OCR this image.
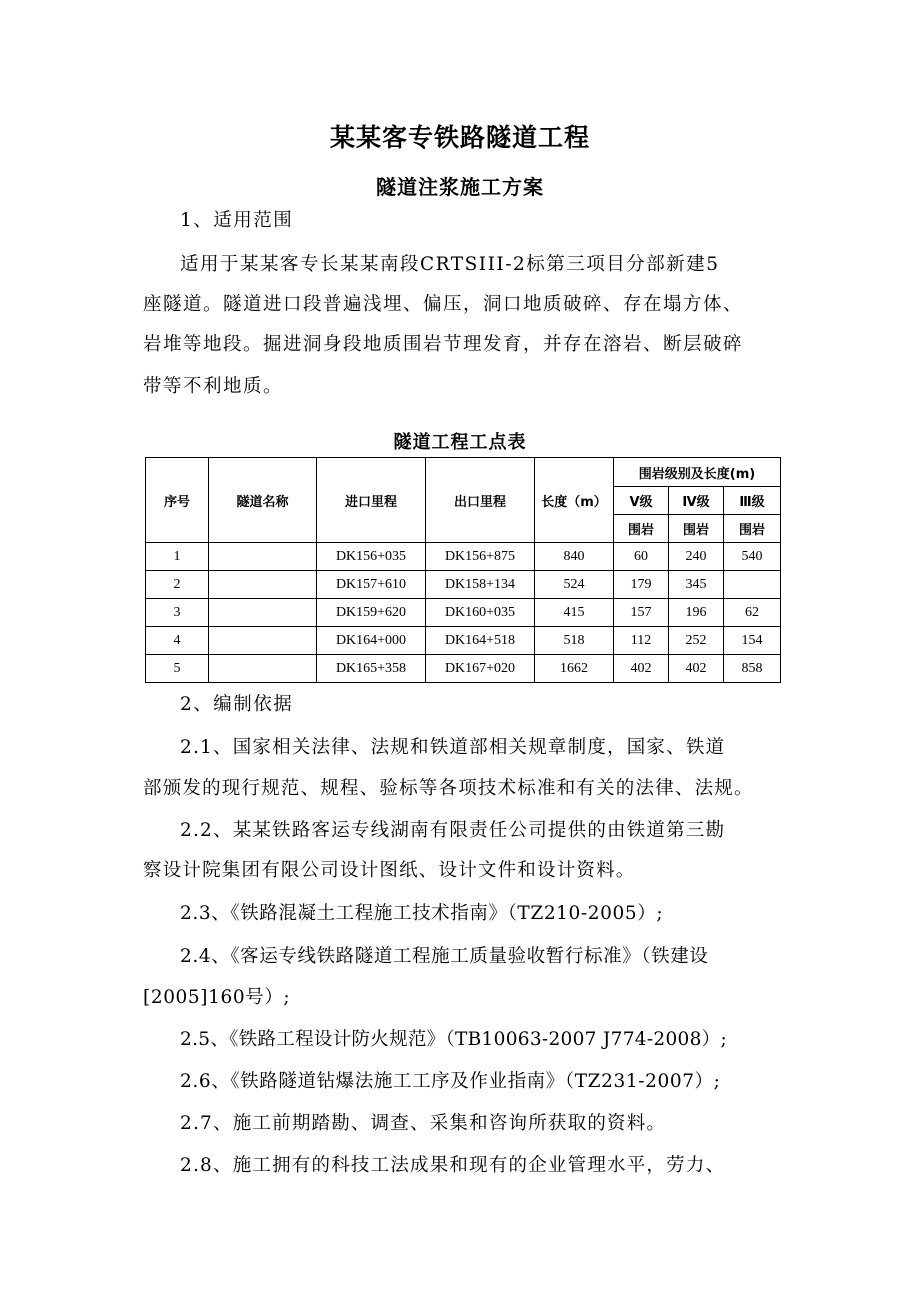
某某客专铁路隧道工程
隧道注浆施工方案
1、适用范围
适用于某某客专长某某南段CRTSIII-2标第三项目分部新建5
座隧道。隧道进口段普遍浅埋、偏压，洞口地质破碎、存在塌方体、
岩堆等地段。掘进洞身段地质围岩节理发育，并存在溶岩、断层破碎
带等不利地质。
隧道工程工点表
序号	隧道名称	进口里程	出口里程	长度（m）	围岩级别及长度(m)		
					Ⅴ级	Ⅳ级	Ⅲ级
					围岩	围岩	围岩
1		DK156+035	DK156+875	840	60	240	540
2		DK157+610	DK158+134	524	179	345	
3		DK159+620	DK160+035	415	157	196	62
4		DK164+000	DK164+518	518	112	252	154
5		DK165+358	DK167+020	1662	402	402	858
2、编制依据
2.1、国家相关法律、法规和铁道部相关规章制度，国家、铁道
部颁发的现行规范、规程、验标等各项技术标准和有关的法律、法规。
2.2、某某铁路客运专线湖南有限责任公司提供的由铁道第三勘
察设计院集团有限公司设计图纸、设计文件和设计资料。
2.3、《铁路混凝土工程施工技术指南》（TZ210-2005）;
2.4、《客运专线铁路隧道工程施工质量验收暂行标准》（铁建设
[2005]160号）;
2.5、《铁路工程设计防火规范》（TB10063-2007 J774-2008）;
2.6、《铁路隧道钻爆法施工工序及作业指南》（TZ231-2007）;
2.7、施工前期踏勘、调查、采集和咨询所获取的资料。
2.8、施工拥有的科技工法成果和现有的企业管理水平，劳力、
